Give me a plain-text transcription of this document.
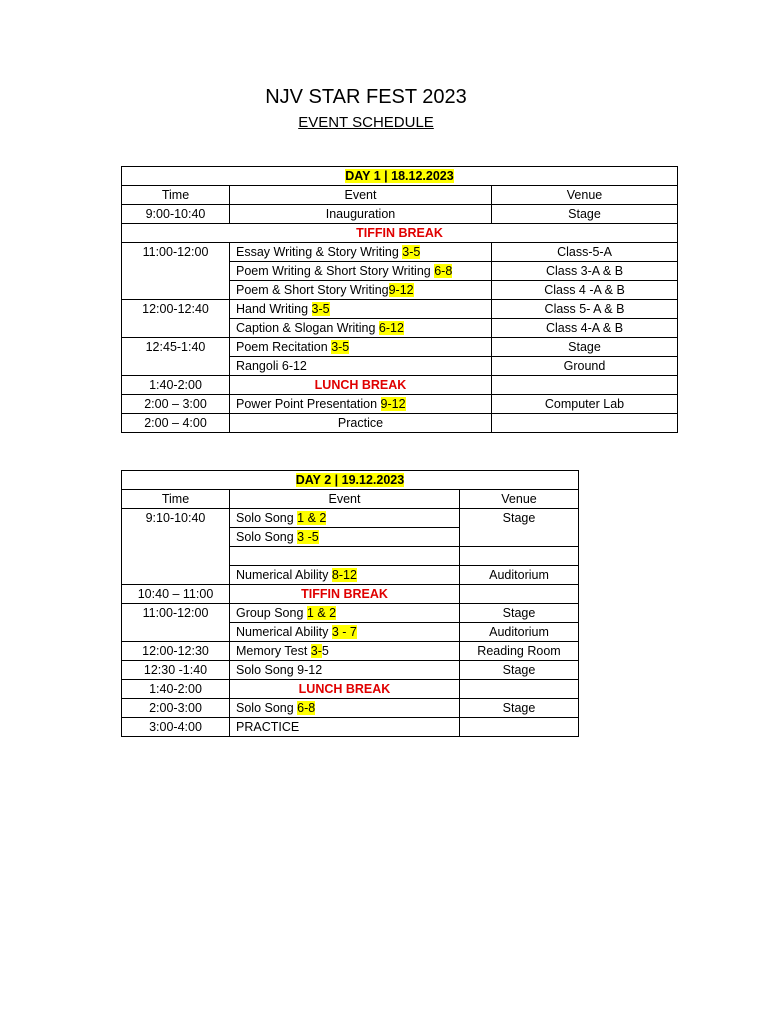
NJV STAR FEST 2023
EVENT SCHEDULE
DAY 1 | 18.12.2023		
Time	Event	Venue
9:00-10:40	Inauguration	Stage
TIFFIN BREAK		
11:00-12:00	Essay Writing & Story Writing 3-5	Class-5-A
	Poem Writing & Short Story Writing 6-8	Class 3-A & B
	Poem & Short Story Writing9-12	Class 4 -A & B
12:00-12:40	Hand Writing 3-5	Class 5- A & B
	Caption & Slogan Writing 6-12	Class 4-A & B
12:45-1:40	Poem Recitation 3-5	Stage
	Rangoli 6-12	Ground
1:40-2:00	LUNCH BREAK	
2:00 – 3:00	Power Point Presentation 9-12	Computer Lab
2:00 – 4:00	Practice	
DAY 2 | 19.12.2023		
Time	Event	Venue
9:10-10:40	Solo Song 1 & 2	Stage
	Solo Song 3 -5	

	Numerical Ability 8-12	Auditorium
10:40 – 11:00	TIFFIN BREAK	
11:00-12:00	Group Song 1 & 2	Stage
	Numerical Ability 3 - 7	Auditorium
12:00-12:30	Memory Test 3-5	Reading Room
12:30 -1:40	Solo Song 9-12	Stage
1:40-2:00	LUNCH BREAK	
2:00-3:00	Solo Song 6-8	Stage
3:00-4:00	PRACTICE	
